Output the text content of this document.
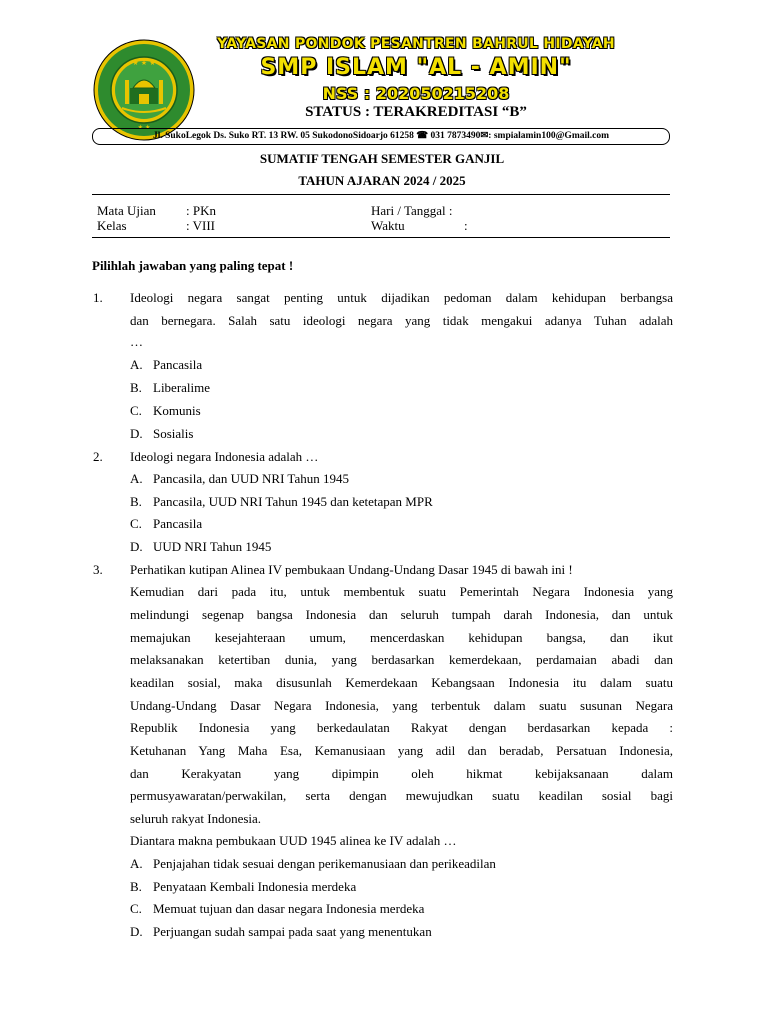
★ ★ ★
★ ★
YAYASAN PONDOK PESANTREN BAHRUL HIDAYAH
SMP ISLAM "AL - AMIN"
NSS : 202050215208
STATUS : TERAKREDITASI “B”
Jl. SukoLegok Ds. Suko RT. 13 RW. 05 SukodonoSidoarjo 61258 ☎ 031 7873490✉: smpialamin100@Gmail.com
SUMATIF TENGAH SEMESTER GANJIL
TAHUN AJARAN 2024 / 2025
Mata Ujian : PKn	Hari / Tanggal :
Kelas	: VIII	Waktu	:
Pilihlah jawaban yang paling tepat !
1. Ideologi negara sangat penting untuk dijadikan pedoman dalam kehidupan berbangsa
dan bernegara. Salah satu ideologi negara yang tidak mengakui adanya Tuhan adalah
…
A. Pancasila
B. Liberalime
C. Komunis
D. Sosialis
2. Ideologi negara Indonesia adalah …
A. Pancasila, dan UUD NRI Tahun 1945
B. Pancasila, UUD NRI Tahun 1945 dan ketetapan MPR
C. Pancasila
D. UUD NRI Tahun 1945
3. Perhatikan kutipan Alinea IV pembukaan Undang-Undang Dasar 1945 di bawah ini !
Kemudian dari pada itu, untuk membentuk suatu Pemerintah Negara Indonesia yang
melindungi segenap bangsa Indonesia dan seluruh tumpah darah Indonesia, dan untuk
memajukan kesejahteraan umum, mencerdaskan kehidupan bangsa, dan ikut
melaksanakan ketertiban dunia, yang berdasarkan kemerdekaan, perdamaian abadi dan
keadilan sosial, maka disusunlah Kemerdekaan Kebangsaan Indonesia itu dalam suatu
Undang-Undang Dasar Negara Indonesia, yang terbentuk dalam suatu susunan Negara
Republik Indonesia yang berkedaulatan Rakyat dengan berdasarkan kepada :
Ketuhanan Yang Maha Esa, Kemanusiaan yang adil dan beradab, Persatuan Indonesia,
dan Kerakyatan yang dipimpin oleh hikmat kebijaksanaan dalam
permusyawaratan/perwakilan, serta dengan mewujudkan suatu keadilan sosial bagi
seluruh rakyat Indonesia.
Diantara makna pembukaan UUD 1945 alinea ke IV adalah …
A. Penjajahan tidak sesuai dengan perikemanusiaan dan perikeadilan
B. Penyataan Kembali Indonesia merdeka
C. Memuat tujuan dan dasar negara Indonesia merdeka
D. Perjuangan sudah sampai pada saat yang menentukan
